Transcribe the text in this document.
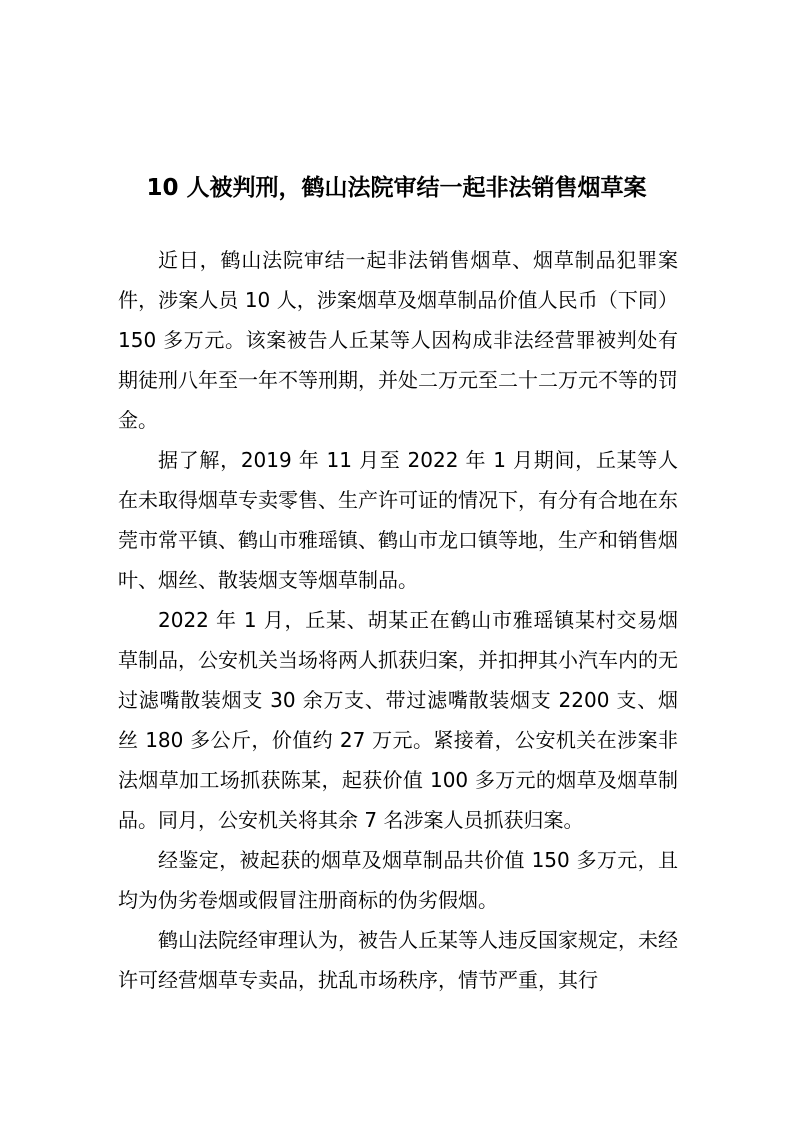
10 人被判刑，鹤山法院审结一起非法销售烟草案

近日，鹤山法院审结一起非法销售烟草、烟草制品犯罪案件，涉案人员 10 人，涉案烟草及烟草制品价值人民币（下同）150 多万元。该案被告人丘某等人因构成非法经营罪被判处有期徒刑八年至一年不等刑期，并处二万元至二十二万元不等的罚金。

据了解，2019 年 11 月至 2022 年 1 月期间，丘某等人在未取得烟草专卖零售、生产许可证的情况下，有分有合地在东莞市常平镇、鹤山市雅瑶镇、鹤山市龙口镇等地，生产和销售烟叶、烟丝、散装烟支等烟草制品。

2022 年 1 月，丘某、胡某正在鹤山市雅瑶镇某村交易烟草制品，公安机关当场将两人抓获归案，并扣押其小汽车内的无过滤嘴散装烟支 30 余万支、带过滤嘴散装烟支 2200 支、烟丝 180 多公斤，价值约 27 万元。紧接着，公安机关在涉案非法烟草加工场抓获陈某，起获价值 100 多万元的烟草及烟草制品。同月，公安机关将其余 7 名涉案人员抓获归案。

经鉴定，被起获的烟草及烟草制品共价值 150 多万元，且均为伪劣卷烟或假冒注册商标的伪劣假烟。

鹤山法院经审理认为，被告人丘某等人违反国家规定，未经许可经营烟草专卖品，扰乱市场秩序，情节严重，其行
